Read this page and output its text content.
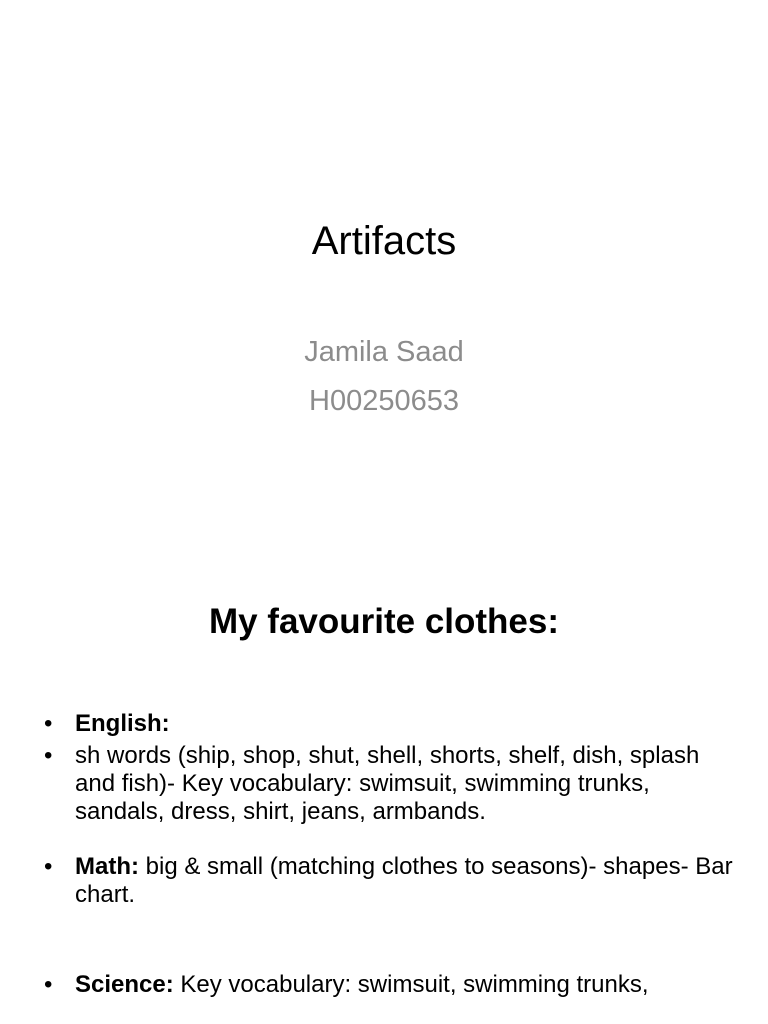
Artifacts
Jamila Saad
H00250653
My favourite clothes:
• English:
• sh words (ship, shop, shut, shell, shorts, shelf, dish, splash and fish)- Key vocabulary: swimsuit, swimming trunks, sandals, dress, shirt, jeans, armbands.
• Math: big & small (matching clothes to seasons)- shapes- Bar chart.
• Science: Key vocabulary: swimsuit, swimming trunks,
